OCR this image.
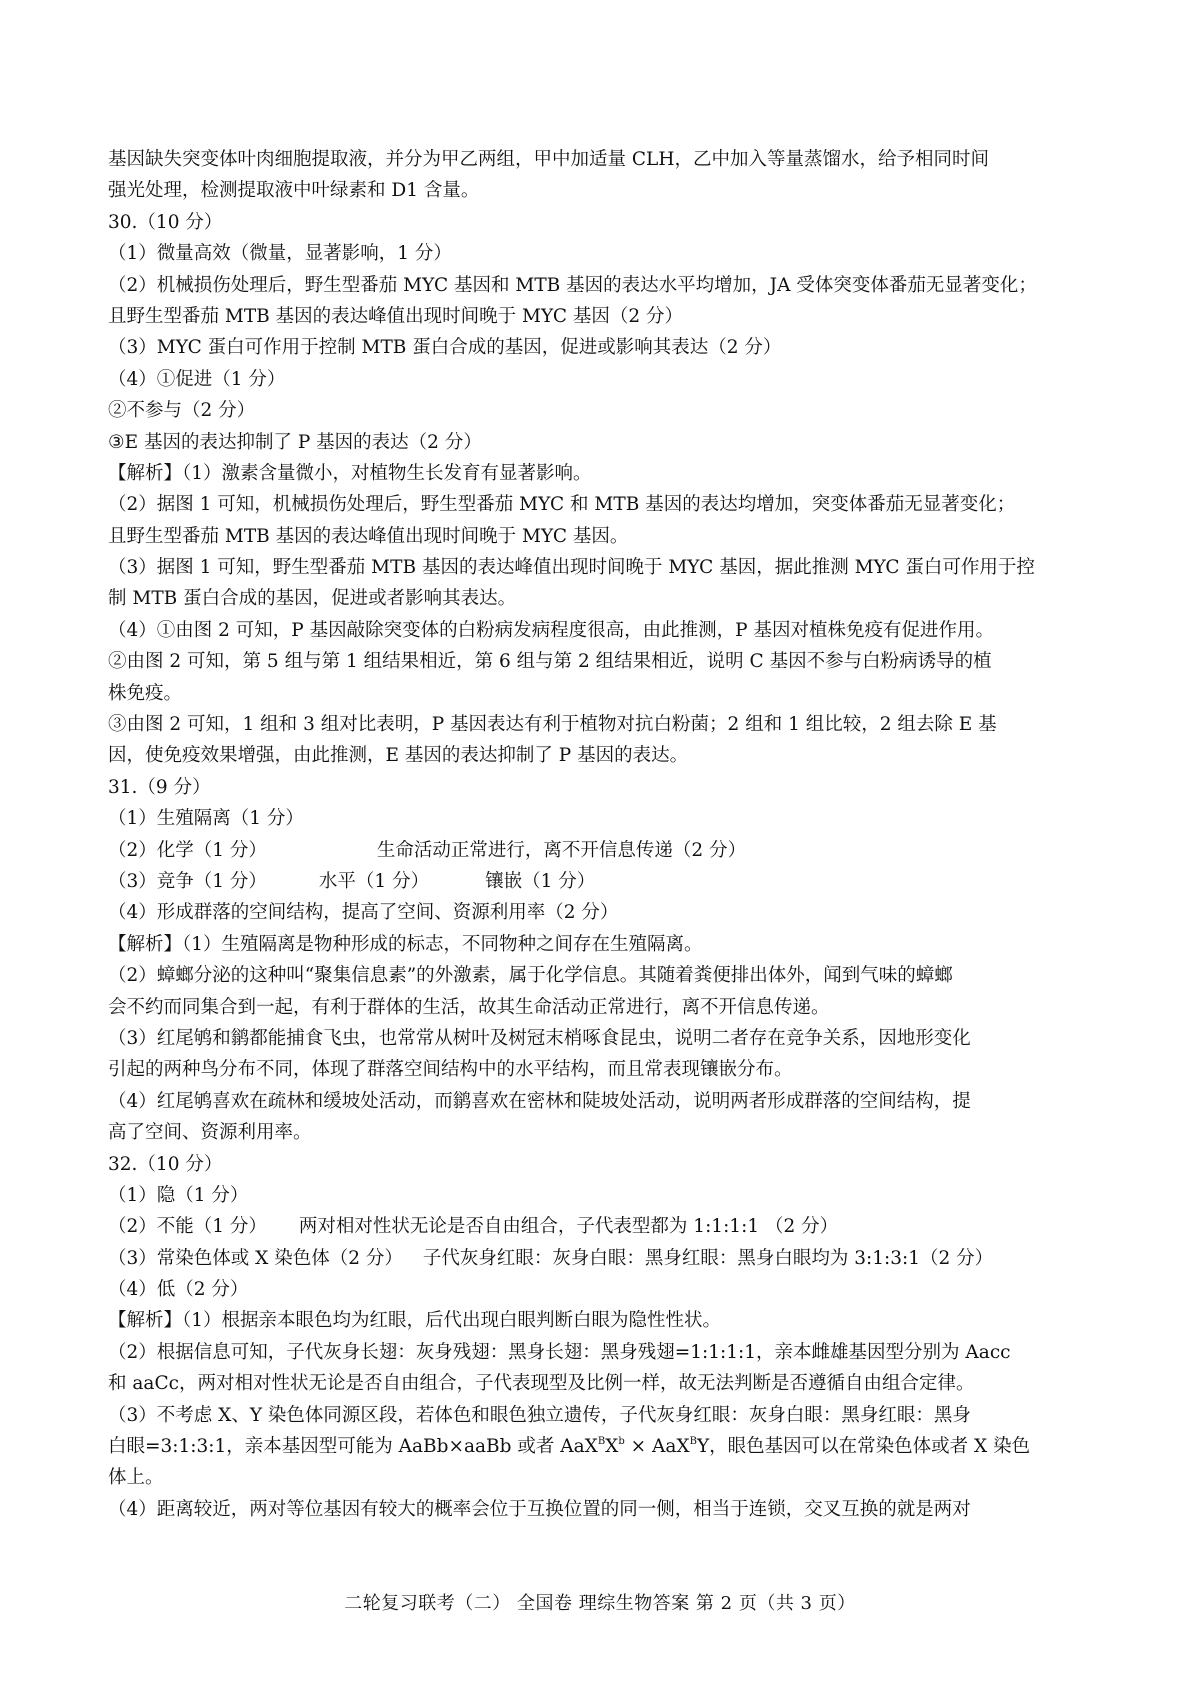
基因缺失突变体叶肉细胞提取液，并分为甲乙两组，甲中加适量 CLH，乙中加入等量蒸馏水，给予相同时间
强光处理，检测提取液中叶绿素和 D1 含量。
30.（10 分）
（1）微量高效（微量，显著影响，1 分）
（2）机械损伤处理后，野生型番茄 MYC 基因和 MTB 基因的表达水平均增加，JA 受体突变体番茄无显著变化；
且野生型番茄 MTB 基因的表达峰值出现时间晚于 MYC 基因（2 分）
（3）MYC 蛋白可作用于控制 MTB 蛋白合成的基因，促进或影响其表达（2 分）
（4）①促进（1 分）
②不参与（2 分）
③E 基因的表达抑制了 P 基因的表达（2 分）
【解析】（1）激素含量微小，对植物生长发育有显著影响。
（2）据图 1 可知，机械损伤处理后，野生型番茄 MYC 和 MTB 基因的表达均增加，突变体番茄无显著变化；
且野生型番茄 MTB 基因的表达峰值出现时间晚于 MYC 基因。
（3）据图 1 可知，野生型番茄 MTB 基因的表达峰值出现时间晚于 MYC 基因，据此推测 MYC 蛋白可作用于控
制 MTB 蛋白合成的基因，促进或者影响其表达。
（4）①由图 2 可知，P 基因敲除突变体的白粉病发病程度很高，由此推测，P 基因对植株免疫有促进作用。
②由图 2 可知，第 5 组与第 1 组结果相近，第 6 组与第 2 组结果相近，说明 C 基因不参与白粉病诱导的植
株免疫。
③由图 2 可知，1 组和 3 组对比表明，P 基因表达有利于植物对抗白粉菌；2 组和 1 组比较，2 组去除 E 基
因，使免疫效果增强，由此推测，E 基因的表达抑制了 P 基因的表达。
31.（9 分）
（1）生殖隔离（1 分）
（2）化学（1 分）	生命活动正常进行，离不开信息传递（2 分）
（3）竞争（1 分）	水平（1 分）	镶嵌（1 分）
（4）形成群落的空间结构，提高了空间、资源利用率（2 分）
【解析】（1）生殖隔离是物种形成的标志，不同物种之间存在生殖隔离。
（2）蟑螂分泌的这种叫“聚集信息素”的外激素，属于化学信息。其随着粪便排出体外，闻到气味的蟑螂
会不约而同集合到一起，有利于群体的生活，故其生命活动正常进行，离不开信息传递。
（3）红尾鸲和鹟都能捕食飞虫，也常常从树叶及树冠末梢啄食昆虫，说明二者存在竞争关系，因地形变化
引起的两种鸟分布不同，体现了群落空间结构中的水平结构，而且常表现镶嵌分布。
（4）红尾鸲喜欢在疏林和缓坡处活动，而鹟喜欢在密林和陡坡处活动，说明两者形成群落的空间结构，提
高了空间、资源利用率。
32.（10 分）
（1）隐（1 分）
（2）不能（1 分） 两对相对性状无论是否自由组合，子代表型都为 1:1:1:1 （2 分）
（3）常染色体或 X 染色体（2 分） 子代灰身红眼：灰身白眼：黑身红眼：黑身白眼均为 3:1:3:1（2 分）
（4）低（2 分）
【解析】（1）根据亲本眼色均为红眼，后代出现白眼判断白眼为隐性性状。
（2）根据信息可知，子代灰身长翅：灰身残翅：黑身长翅：黑身残翅=1:1:1:1，亲本雌雄基因型分别为 Aacc
和 aaCc，两对相对性状无论是否自由组合，子代表现型及比例一样，故无法判断是否遵循自由组合定律。
（3）不考虑 X、Y 染色体同源区段，若体色和眼色独立遗传，子代灰身红眼：灰身白眼：黑身红眼：黑身
白眼=3:1:3:1，亲本基因型可能为 AaBb×aaBb 或者 $AaX^BX^b \times AaX^BY$，眼色基因可以在常染色体或者 X 染色
体上。
（4）距离较近，两对等位基因有较大的概率会位于互换位置的同一侧，相当于连锁，交叉互换的就是两对
二轮复习联考（二） 全国卷 理综生物答案 第 2 页（共 3 页）
